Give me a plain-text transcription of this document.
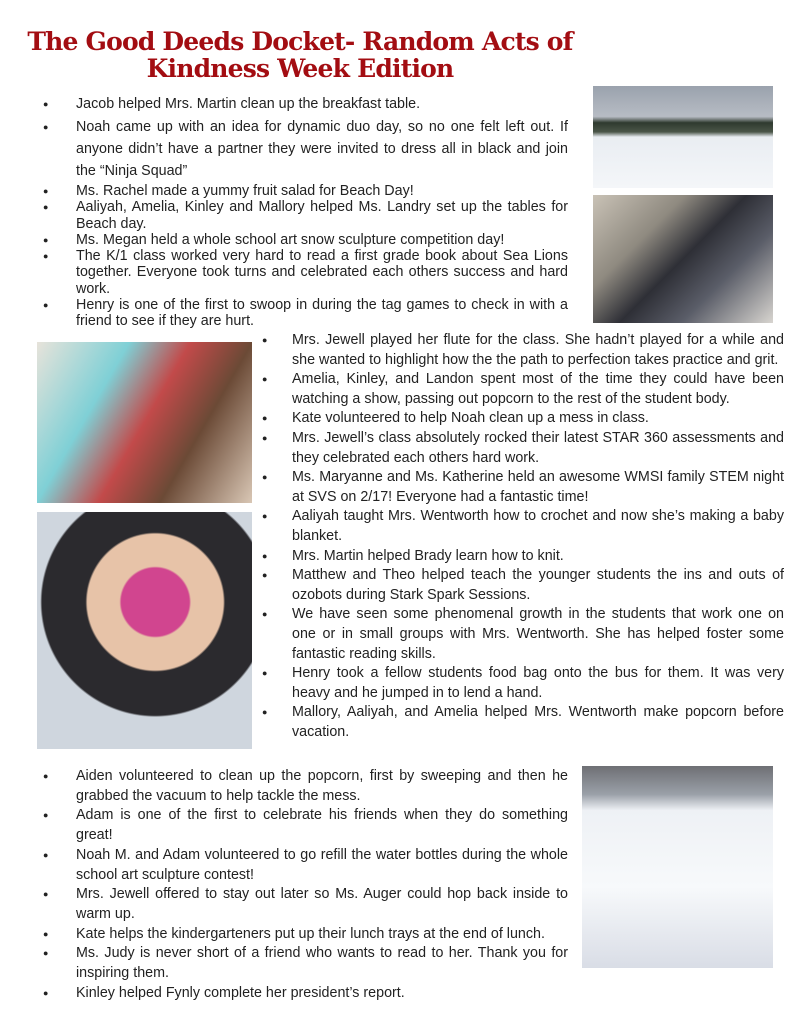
The Good Deeds Docket- Random Acts of
Kindness Week Edition
● Jacob helped Mrs. Martin clean up the breakfast table.
● Noah came up with an idea for dynamic duo day, so no one felt left out. If anyone didn’t have a partner they were invited to dress all in black and join the “Ninja Squad”
● Ms. Rachel made a yummy fruit salad for Beach Day!
● Aaliyah, Amelia, Kinley and Mallory helped Ms. Landry set up the tables for Beach day.
● Ms. Megan held a whole school art snow sculpture competition day!
● The K/1 class worked very hard to read a first grade book about Sea Lions together. Everyone took turns and celebrated each others success and hard work.
● Henry is one of the first to swoop in during the tag games to check in with a friend to see if they are hurt.
● Mrs. Jewell played her flute for the class. She hadn’t played for a while and she wanted to highlight how the the path to perfection takes practice and grit.
● Amelia, Kinley, and Landon spent most of the time they could have been watching a show, passing out popcorn to the rest of the student body.
● Kate volunteered to help Noah clean up a mess in class.
● Mrs. Jewell’s class absolutely rocked their latest STAR 360 assessments and they celebrated each others hard work.
● Ms. Maryanne and Ms. Katherine held an awesome WMSI family STEM night at SVS on 2/17! Everyone had a fantastic time!
● Aaliyah taught Mrs. Wentworth how to crochet and now she’s making a baby blanket.
● Mrs. Martin helped Brady learn how to knit.
● Matthew and Theo helped teach the younger students the ins and outs of ozobots during Stark Spark Sessions.
● We have seen some phenomenal growth in the students that work one on one or in small groups with Mrs. Wentworth. She has helped foster some fantastic reading skills.
● Henry took a fellow students food bag onto the bus for them. It was very heavy and he jumped in to lend a hand.
● Mallory, Aaliyah, and Amelia helped Mrs. Wentworth make popcorn before vacation.
● Aiden volunteered to clean up the popcorn, first by sweeping and then he grabbed the vacuum to help tackle the mess.
● Adam is one of the first to celebrate his friends when they do something great!
● Noah M. and Adam volunteered to go refill the water bottles during the whole school art sculpture contest!
● Mrs. Jewell offered to stay out later so Ms. Auger could hop back inside to warm up.
● Kate helps the kindergarteners put up their lunch trays at the end of lunch.
● Ms. Judy is never short of a friend who wants to read to her. Thank you for inspiring them.
● Kinley helped Fynly complete her president’s report.
